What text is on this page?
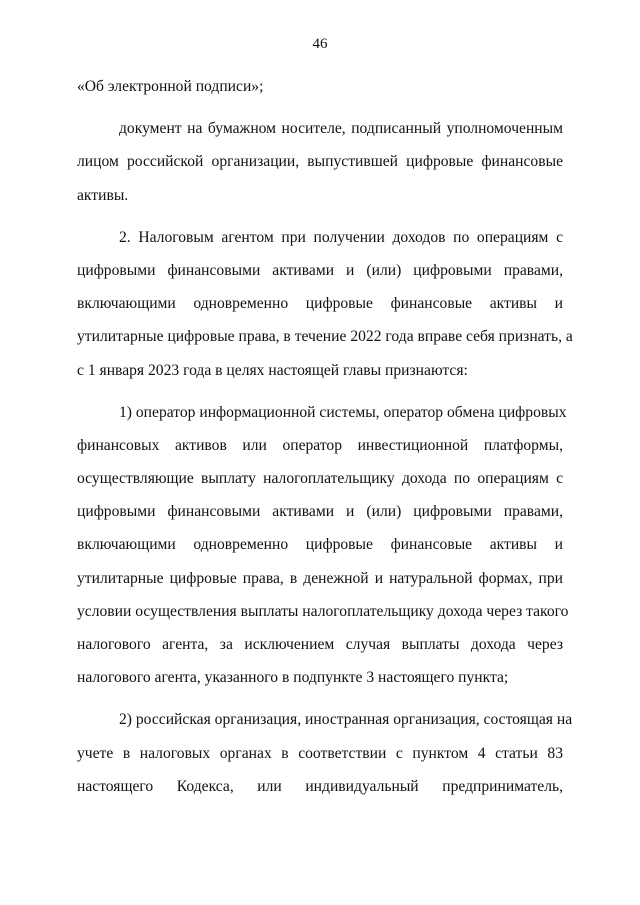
46
«Об электронной подписи»;
документ на бумажном носителе, подписанный уполномоченным
лицом российской организации, выпустившей цифровые финансовые
активы.
2. Налоговым агентом при получении доходов по операциям с
цифровыми финансовыми активами и (или) цифровыми правами,
включающими одновременно цифровые финансовые активы и
утилитарные цифровые права, в течение 2022 года вправе себя признать, а
с 1 января 2023 года в целях настоящей главы признаются:
1) оператор информационной системы, оператор обмена цифровых
финансовых активов или оператор инвестиционной платформы,
осуществляющие выплату налогоплательщику дохода по операциям с
цифровыми финансовыми активами и (или) цифровыми правами,
включающими одновременно цифровые финансовые активы и
утилитарные цифровые права, в денежной и натуральной формах, при
условии осуществления выплаты налогоплательщику дохода через такого
налогового агента, за исключением случая выплаты дохода через
налогового агента, указанного в подпункте 3 настоящего пункта;
2) российская организация, иностранная организация, состоящая на
учете в налоговых органах в соответствии с пунктом 4 статьи 83
настоящего Кодекса, или индивидуальный предприниматель,
